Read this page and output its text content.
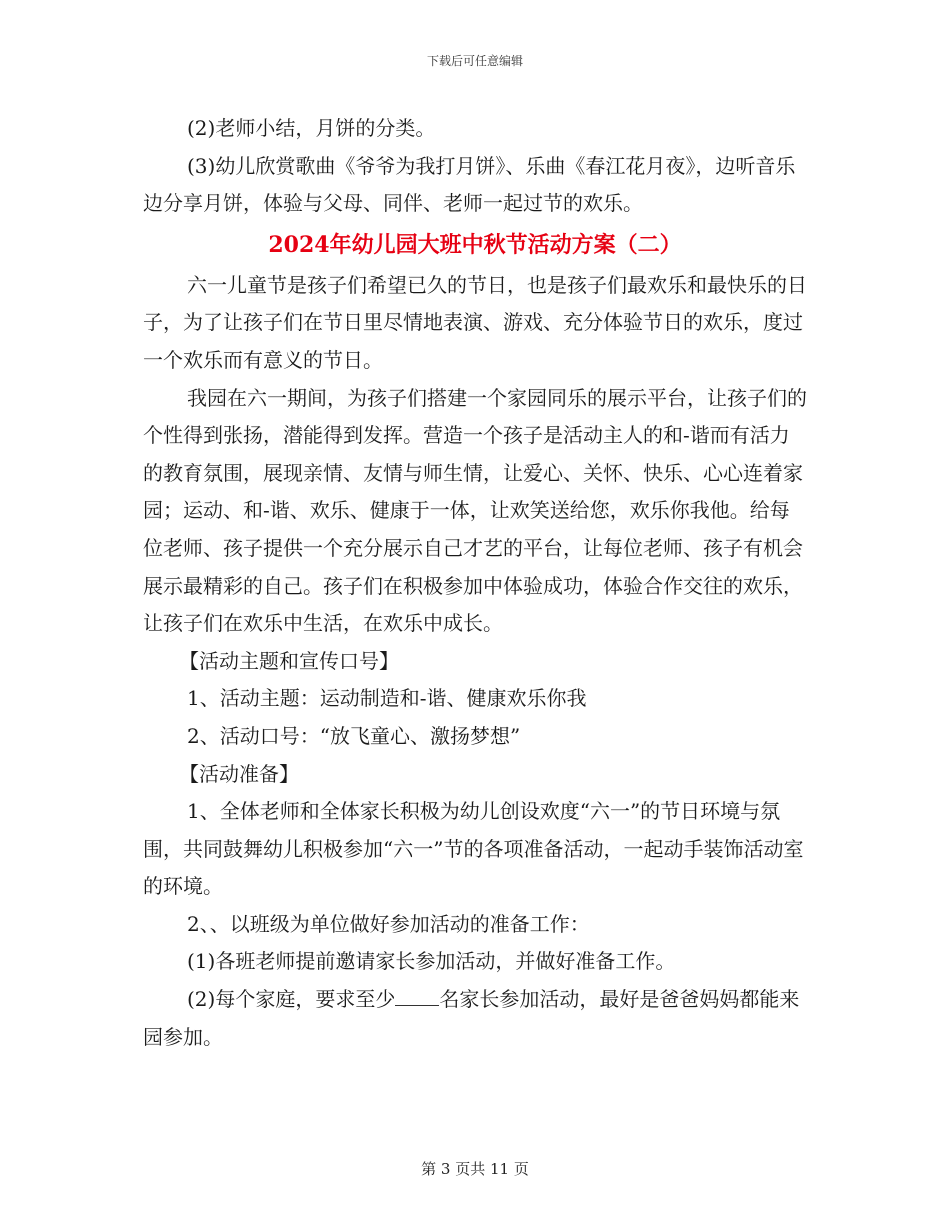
下载后可任意编辑

(2)老师小结，月饼的分类。

(3)幼儿欣赏歌曲《爷爷为我打月饼》、乐曲《春江花月夜》，边听音乐边分享月饼，体验与父母、同伴、老师一起过节的欢乐。

2024年幼儿园大班中秋节活动方案（二）

六一儿童节是孩子们希望已久的节日，也是孩子们最欢乐和最快乐的日子，为了让孩子们在节日里尽情地表演、游戏、充分体验节日的欢乐，度过一个欢乐而有意义的节日。

我园在六一期间，为孩子们搭建一个家园同乐的展示平台，让孩子们的个性得到张扬，潜能得到发挥。营造一个孩子是活动主人的和-谐而有活力的教育氛围，展现亲情、友情与师生情，让爱心、关怀、快乐、心心连着家园；运动、和-谐、欢乐、健康于一体，让欢笑送给您，欢乐你我他。给每位老师、孩子提供一个充分展示自己才艺的平台，让每位老师、孩子有机会展示最精彩的自己。孩子们在积极参加中体验成功，体验合作交往的欢乐，让孩子们在欢乐中生活，在欢乐中成长。

【活动主题和宣传口号】

1、活动主题：运动制造和-谐、健康欢乐你我

2、活动口号：“放飞童心、激扬梦想”

【活动准备】

1、全体老师和全体家长积极为幼儿创设欢度“六一”的节日环境与氛围，共同鼓舞幼儿积极参加“六一”节的各项准备活动，一起动手装饰活动室的环境。

2、、以班级为单位做好参加活动的准备工作：

(1)各班老师提前邀请家长参加活动，并做好准备工作。

(2)每个家庭，要求至少 名家长参加活动，最好是爸爸妈妈都能来园参加。

第 3 页共 11 页
